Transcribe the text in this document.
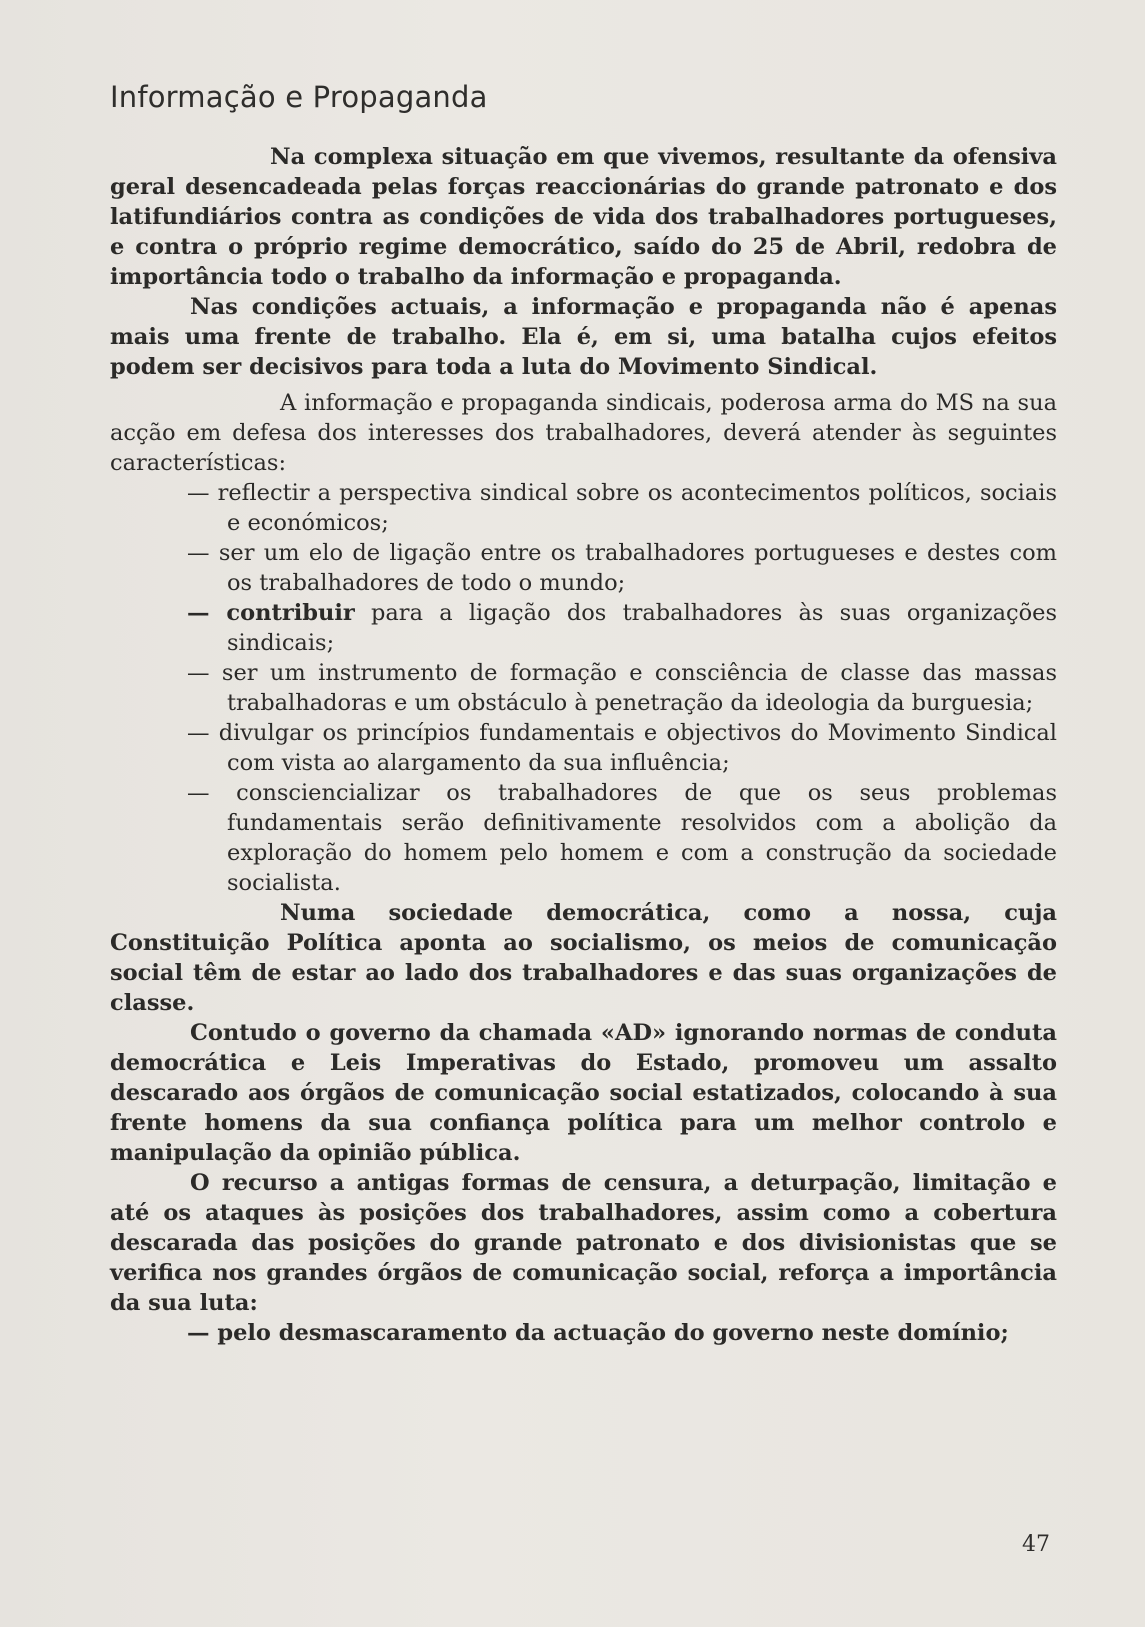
Informação e Propaganda

Na complexa situação em que vivemos, resultante da ofensiva geral desencadeada pelas forças reaccionárias do grande patronato e dos latifundiários contra as condições de vida dos trabalhadores portugueses, e contra o próprio regime democrático, saído do 25 de Abril, redobra de importância todo o trabalho da informação e propaganda.

Nas condições actuais, a informação e propaganda não é apenas mais uma frente de trabalho. Ela é, em si, uma batalha cujos efeitos podem ser decisivos para toda a luta do Movimento Sindical.

A informação e propaganda sindicais, poderosa arma do MS na sua acção em defesa dos interesses dos trabalhadores, deverá atender às seguintes características:

— reflectir a perspectiva sindical sobre os acontecimentos políticos, sociais e económicos;
— ser um elo de ligação entre os trabalhadores portugueses e destes com os trabalhadores de todo o mundo;
— contribuir para a ligação dos trabalhadores às suas organizações sindicais;
— ser um instrumento de formação e consciência de classe das massas trabalhadoras e um obstáculo à penetração da ideologia da burguesia;
— divulgar os princípios fundamentais e objectivos do Movimento Sindical com vista ao alargamento da sua influência;
— consciencializar os trabalhadores de que os seus problemas fundamentais serão definitivamente resolvidos com a abolição da exploração do homem pelo homem e com a construção da sociedade socialista.

Numa sociedade democrática, como a nossa, cuja Constituição Política aponta ao socialismo, os meios de comunicação social têm de estar ao lado dos trabalhadores e das suas organizações de classe.

Contudo o governo da chamada «AD» ignorando normas de conduta democrática e Leis Imperativas do Estado, promoveu um assalto descarado aos órgãos de comunicação social estatizados, colocando à sua frente homens da sua confiança política para um melhor controlo e manipulação da opinião pública.

O recurso a antigas formas de censura, a deturpação, limitação e até os ataques às posições dos trabalhadores, assim como a cobertura descarada das posições do grande patronato e dos divisionistas que se verifica nos grandes órgãos de comunicação social, reforça a importância da sua luta:

— pelo desmascaramento da actuação do governo neste domínio;
47
